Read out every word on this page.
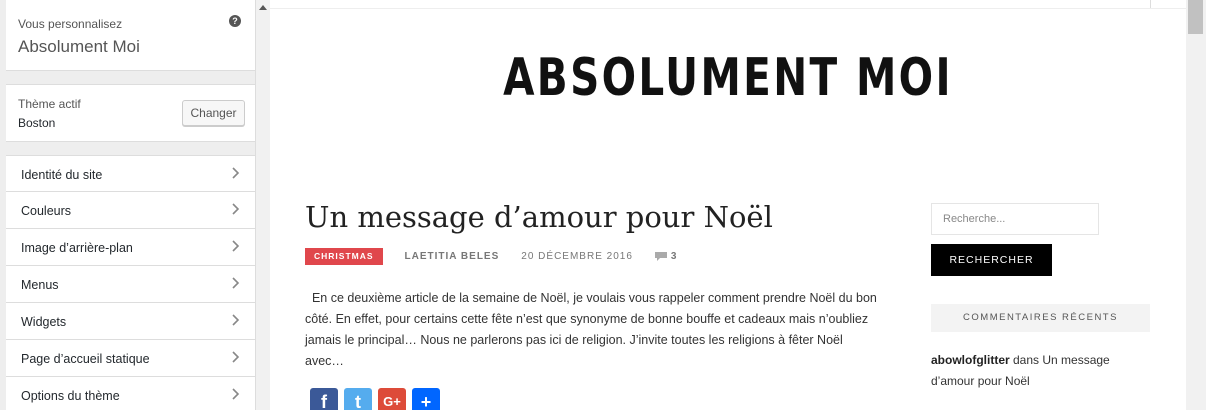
Vous personnalisez
Absolument Moi
?
Thème actif
Boston
Changer
Identité du site
Couleurs
Image d’arrière-plan
Menus
Widgets
Page d’accueil statique
Options du thème
ABSOLUMENT MOI
Un message d’amour pour Noël
CHRISTMAS	LAETITIA BELES 20 DÉCEMBRE 2016	3
En ce deuxième article de la semaine de Noël, je voulais vous rappeler comment prendre Noël du bon côté. En effet, pour certains cette fête n’est que synonyme de bonne bouffe et cadeaux mais n’oubliez jamais le principal… Nous ne parlerons pas ici de religion. J’invite toutes les religions à fêter Noël avec…
f	t	G+	+
Recherche...
RECHERCHER
COMMENTAIRES RÉCENTS
abowlofglitter dans Un message d’amour pour Noël
